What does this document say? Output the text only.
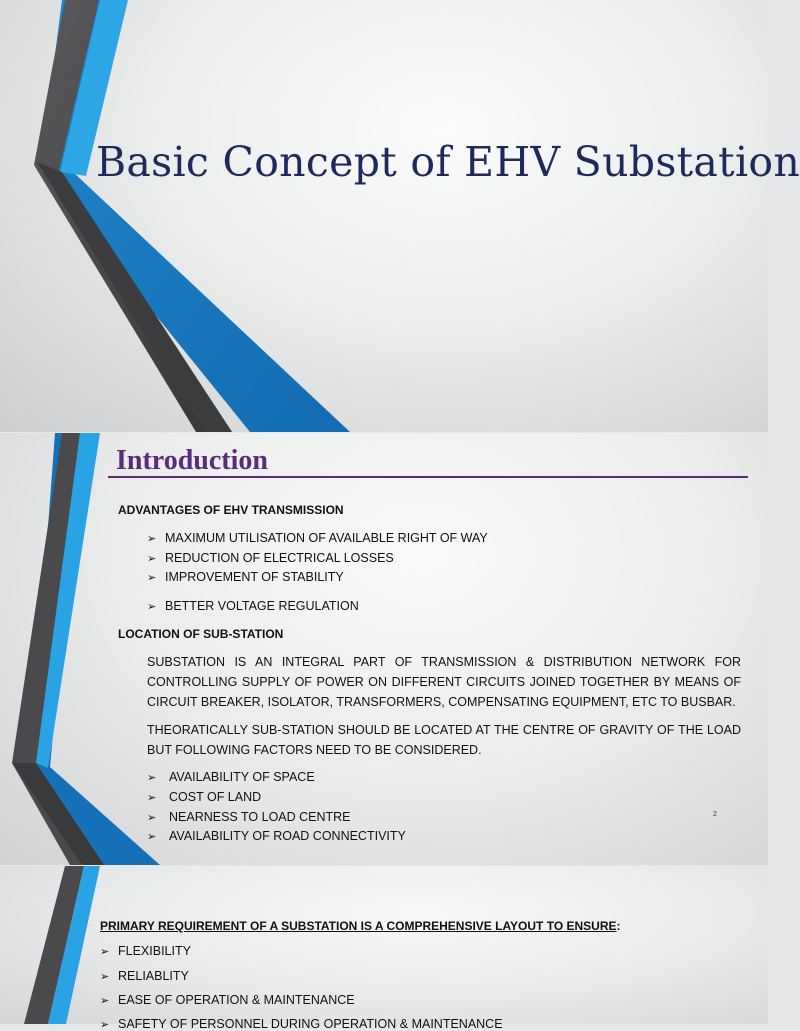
Basic Concept of EHV Substation
Introduction

ADVANTAGES OF EHV TRANSMISSION

➢ MAXIMUM UTILISATION OF AVAILABLE RIGHT OF WAY
➢ REDUCTION OF ELECTRICAL LOSSES
➢ IMPROVEMENT OF STABILITY
➢ BETTER VOLTAGE REGULATION

LOCATION OF SUB-STATION

SUBSTATION IS AN INTEGRAL PART OF TRANSMISSION & DISTRIBUTION NETWORK FOR CONTROLLING SUPPLY OF POWER ON DIFFERENT CIRCUITS JOINED TOGETHER BY MEANS OF CIRCUIT BREAKER, ISOLATOR, TRANSFORMERS, COMPENSATING EQUIPMENT, ETC TO BUSBAR.

THEORATICALLY SUB-STATION SHOULD BE LOCATED AT THE CENTRE OF GRAVITY OF THE LOAD BUT FOLLOWING FACTORS NEED TO BE CONSIDERED.

➢	AVAILABILITY OF SPACE
➢	COST OF LAND
➢	NEARNESS TO LOAD CENTRE
➢	AVAILABILITY OF ROAD CONNECTIVITY
2
PRIMARY REQUIREMENT OF A SUBSTATION IS A COMPREHENSIVE LAYOUT TO ENSURE:
➢ FLEXIBILITY
➢ RELIABLITY
➢ EASE OF OPERATION & MAINTENANCE
➢ SAFETY OF PERSONNEL DURING OPERATION & MAINTENANCE
